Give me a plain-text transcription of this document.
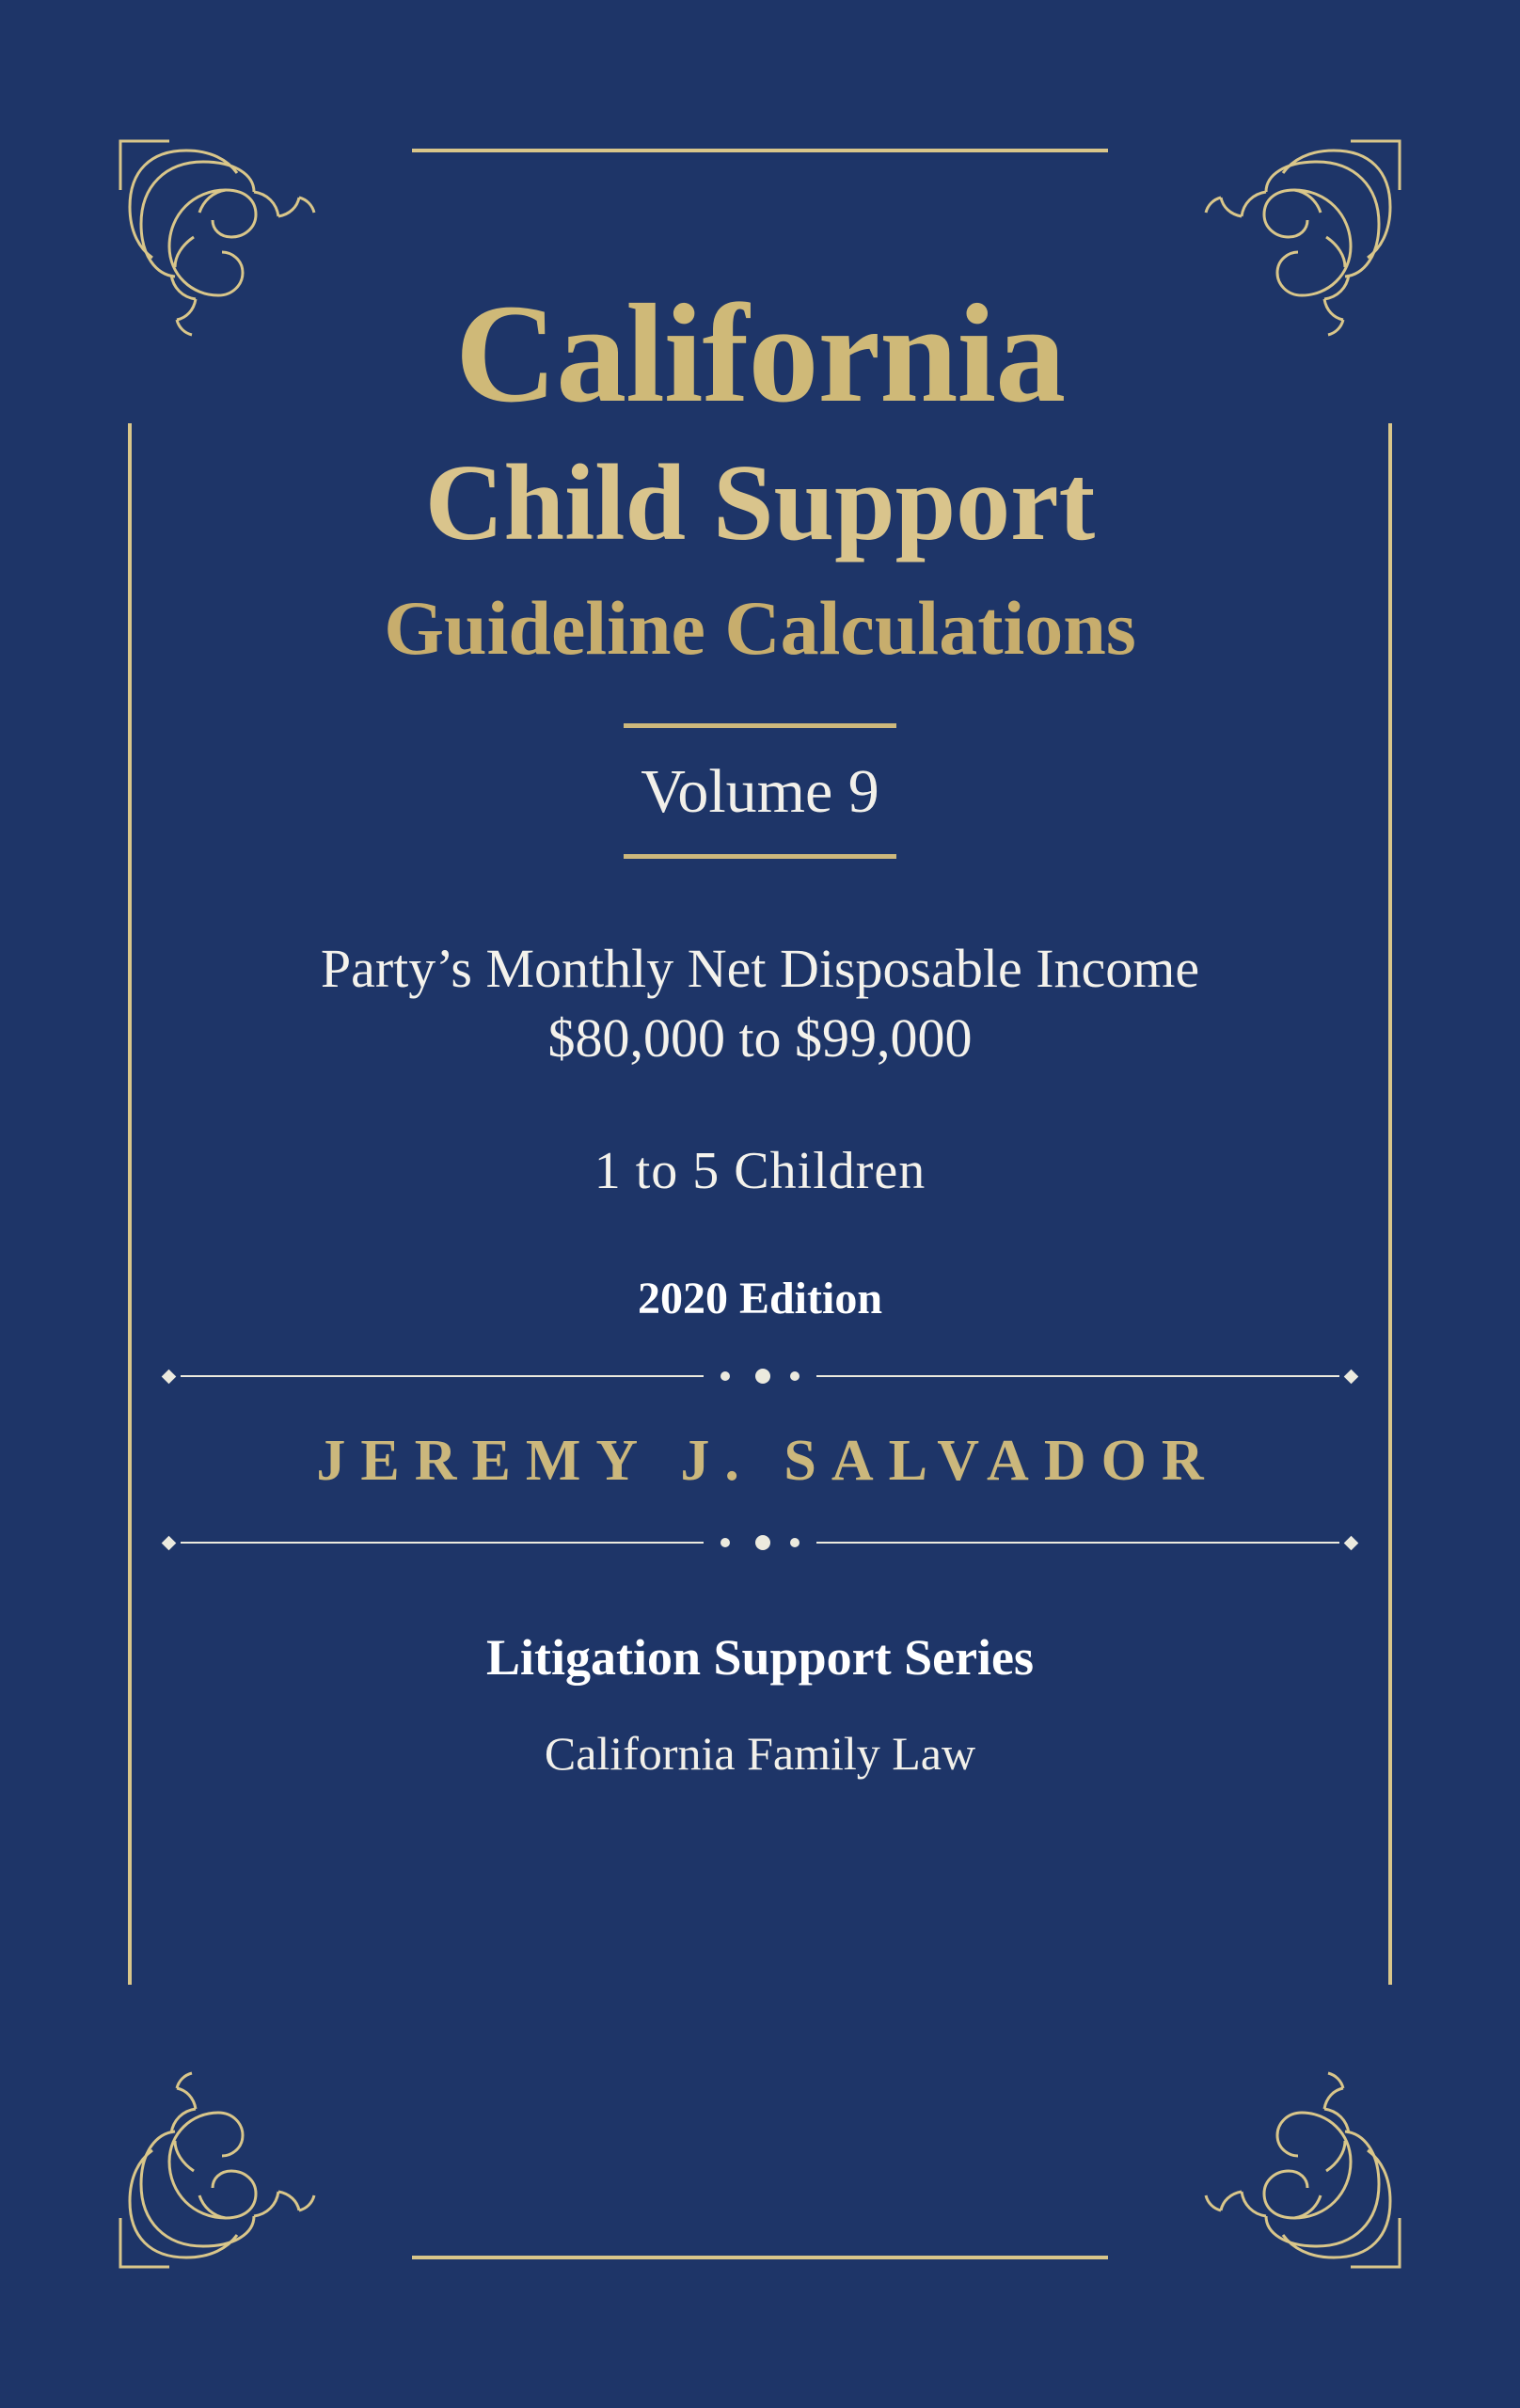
California
Child Support
Guideline Calculations
Volume 9
Party’s Monthly Net Disposable Income
$80,000 to $99,000
1 to 5 Children
2020 Edition
JEREMY J. SALVADOR
Litigation Support Series
California Family Law
